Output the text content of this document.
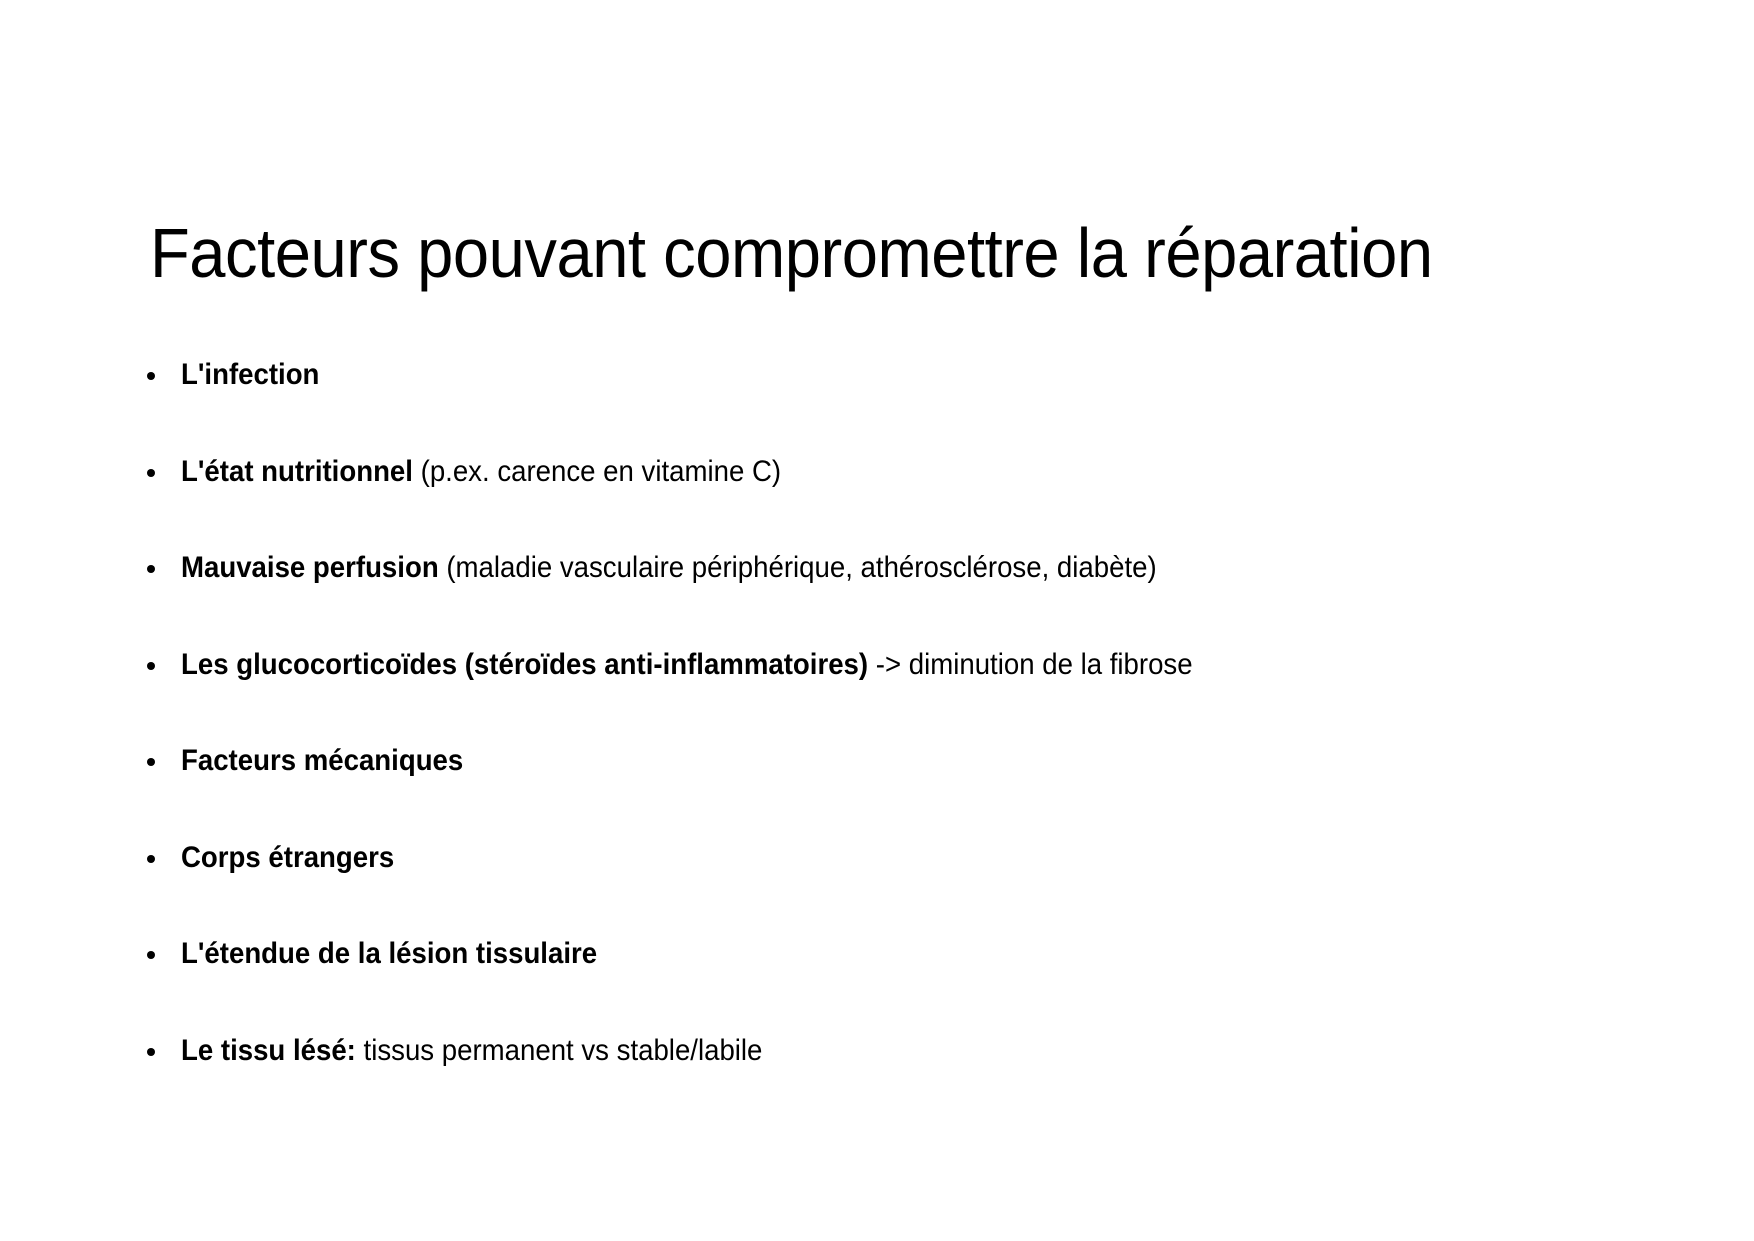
Facteurs pouvant compromettre la réparation
L'infection
L'état nutritionnel (p.ex. carence en vitamine C)
Mauvaise perfusion (maladie vasculaire périphérique, athérosclérose, diabète)
Les glucocorticoïdes (stéroïdes anti-inflammatoires) -> diminution de la fibrose
Facteurs mécaniques
Corps étrangers
L'étendue de la lésion tissulaire
Le tissu lésé: tissus permanent vs stable/labile
